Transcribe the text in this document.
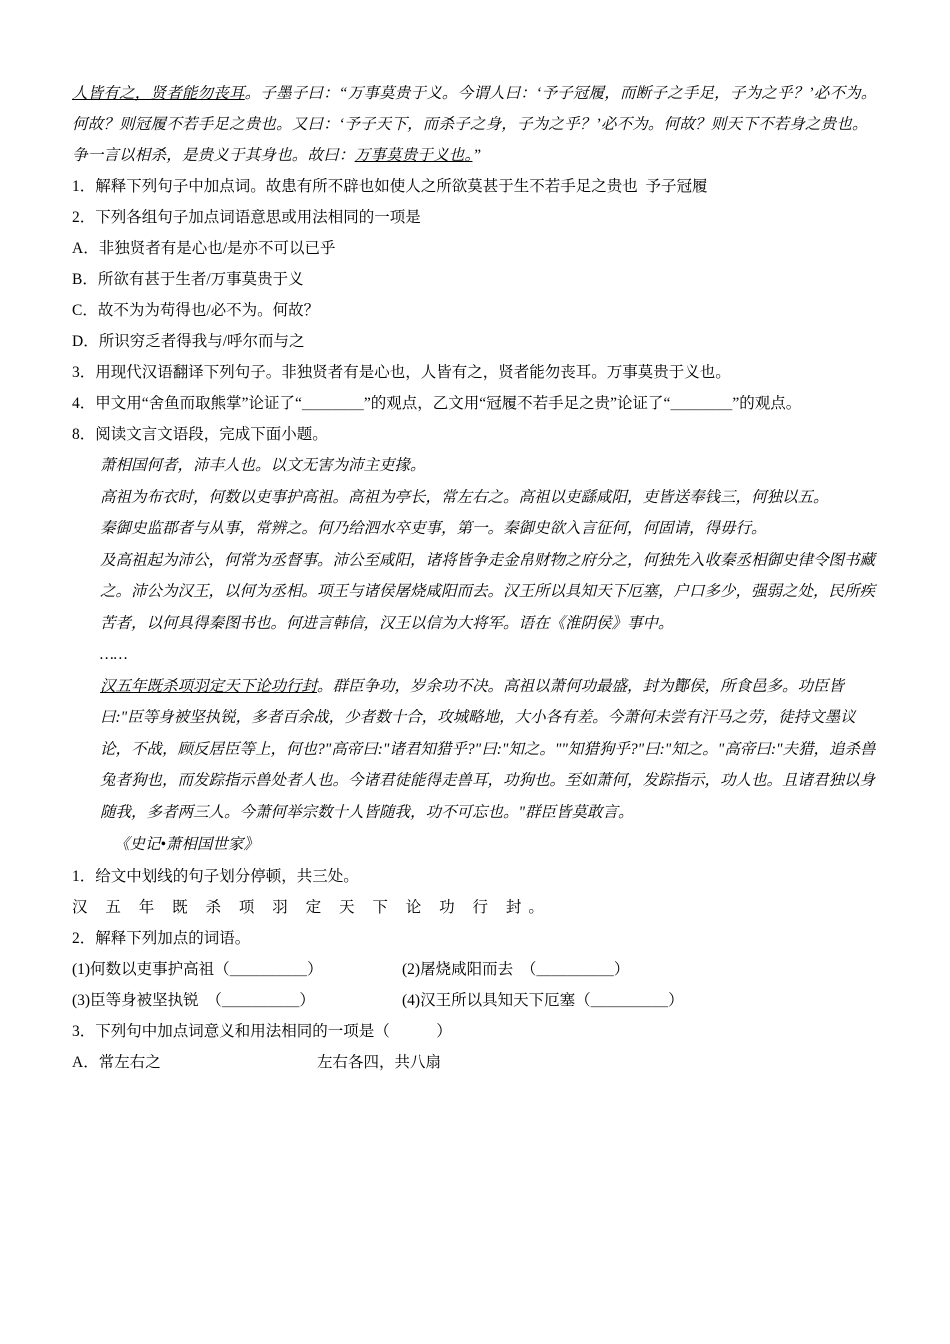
人皆有之，贤者能勿丧耳。子墨子曰：“万事莫贵于义。今谓人曰：‘予子冠履，而断子之手足，子为之乎？’必不为。

何故？则冠履不若手足之贵也。又曰：‘予子天下，而杀子之身，子为之乎？’必不为。何故？则天下不若身之贵也。

争一言以相杀，是贵义于其身也。故曰：万事莫贵于义也。”

1．解释下列句子中加点词。故患有所不辟也如使人之所欲莫甚于生不若手足之贵也  予子冠履

2．下列各组句子加点词语意思或用法相同的一项是

A．非独贤者有是心也/是亦不可以已乎

B．所欲有甚于生者/万事莫贵于义

C．故不为为苟得也/必不为。何故？

D．所识穷乏者得我与/呼尔而与之

3．用现代汉语翻译下列句子。非独贤者有是心也，人皆有之，贤者能勿丧耳。万事莫贵于义也。

4．甲文用“舍鱼而取熊掌”论证了“＿＿＿＿”的观点，乙文用“冠履不若手足之贵”论证了“＿＿＿＿”的观点。

8．阅读文言文语段，完成下面小题。

萧相国何者，沛丰人也。以文无害为沛主吏掾。

高祖为布衣时，何数以吏事护高祖。高祖为亭长，常左右之。高祖以吏繇咸阳，吏皆送奉钱三，何独以五。

秦御史监郡者与从事，常辨之。何乃给泗水卒吏事，第一。秦御史欲入言征何，何固请，得毋行。

及高祖起为沛公，何常为丞督事。沛公至咸阳，诸将皆争走金帛财物之府分之，何独先入收秦丞相御史律令图书藏之。沛公为汉王，以何为丞相。项王与诸侯屠烧咸阳而去。汉王所以具知天下厄塞，户口多少，强弱之处，民所疾苦者，以何具得秦图书也。何进言韩信，汉王以信为大将军。语在《淮阴侯》事中。

……

汉五年既杀项羽定天下论功行封。群臣争功，岁余功不决。高祖以萧何功最盛，封为酇侯，所食邑多。功臣皆曰:"臣等身被坚执锐，多者百余战，少者数十合，攻城略地，大小各有差。今萧何未尝有汗马之劳，徒持文墨议论，不战，顾反居臣等上，何也?"高帝曰:"诸君知猎乎?"曰:"知之。""知猎狗乎?"曰:"知之。"高帝曰:"夫猎，追杀兽兔者狗也，而发踪指示兽处者人也。今诸君徒能得走兽耳，功狗也。至如萧何，发踪指示，功人也。且诸君独以身随我，多者两三人。今萧何举宗数十人皆随我，功不可忘也。"群臣皆莫敢言。

《史记•萧相国世家》

1．给文中划线的句子划分停顿，共三处。

汉 五 年 既 杀 项 羽 定 天 下 论 功 行 封。

2．解释下列加点的词语。

(1)何数以吏事护高祖（＿＿＿＿＿）	(2)屠烧咸阳而去　（＿＿＿＿＿）
(3)臣等身被坚执锐　（＿＿＿＿＿）	(4)汉王所以具知天下厄塞（＿＿＿＿＿）

3．下列句中加点词意义和用法相同的一项是（　　　）

A．常左右之	左右各四，共八扇
